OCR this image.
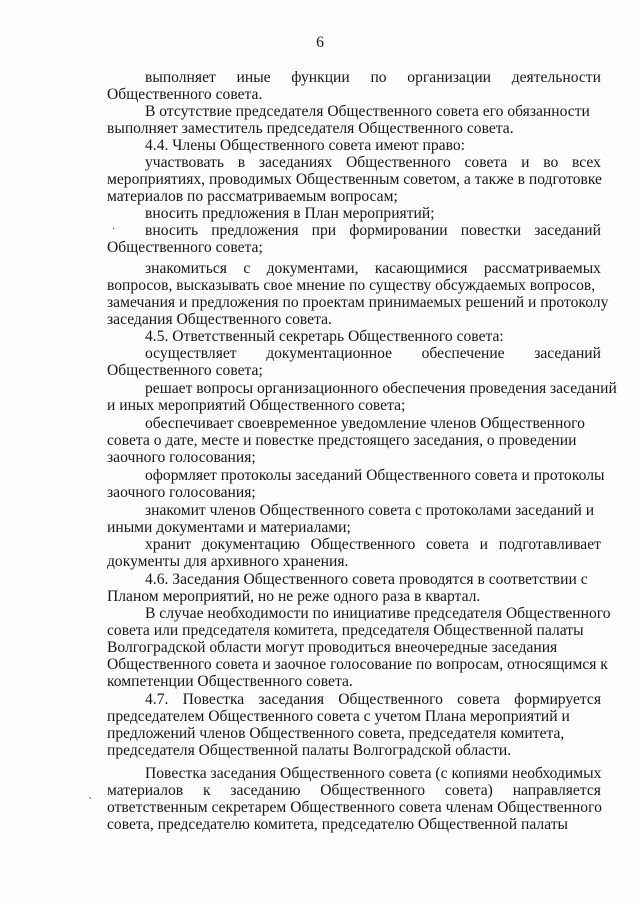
6
выполняет иные функции по организации деятельности
Общественного совета.
В отсутствие председателя Общественного совета его обязанности
выполняет заместитель председателя Общественного совета.
4.4. Члены Общественного совета имеют право:
участвовать в заседаниях Общественного совета и во всех
мероприятиях, проводимых Общественным советом, а также в подготовке
материалов по рассматриваемым вопросам;
вносить предложения в План мероприятий;
вносить предложения при формировании повестки заседаний
Общественного совета;
знакомиться с документами, касающимися рассматриваемых
вопросов, высказывать свое мнение по существу обсуждаемых вопросов,
замечания и предложения по проектам принимаемых решений и протоколу
заседания Общественного совета.
4.5. Ответственный секретарь Общественного совета:
осуществляет документационное обеспечение заседаний
Общественного совета;
решает вопросы организационного обеспечения проведения заседаний
и иных мероприятий Общественного совета;
обеспечивает своевременное уведомление членов Общественного
совета о дате, месте и повестке предстоящего заседания, о проведении
заочного голосования;
оформляет протоколы заседаний Общественного совета и протоколы
заочного голосования;
знакомит членов Общественного совета с протоколами заседаний и
иными документами и материалами;
хранит документацию Общественного совета и подготавливает
документы для архивного хранения.
4.6. Заседания Общественного совета проводятся в соответствии с
Планом мероприятий, но не реже одного раза в квартал.
В случае необходимости по инициативе председателя Общественного
совета или председателя комитета, председателя Общественной палаты
Волгоградской области могут проводиться внеочередные заседания
Общественного совета и заочное голосование по вопросам, относящимся к
компетенции Общественного совета.
4.7. Повестка заседания Общественного совета формируется
председателем Общественного совета с учетом Плана мероприятий и
предложений членов Общественного совета, председателя комитета,
председателя Общественной палаты Волгоградской области.
Повестка заседания Общественного совета (с копиями необходимых
материалов к заседанию Общественного совета) направляется
ответственным секретарем Общественного совета членам Общественного
совета, председателю комитета, председателю Общественной палаты
·
ˋ
